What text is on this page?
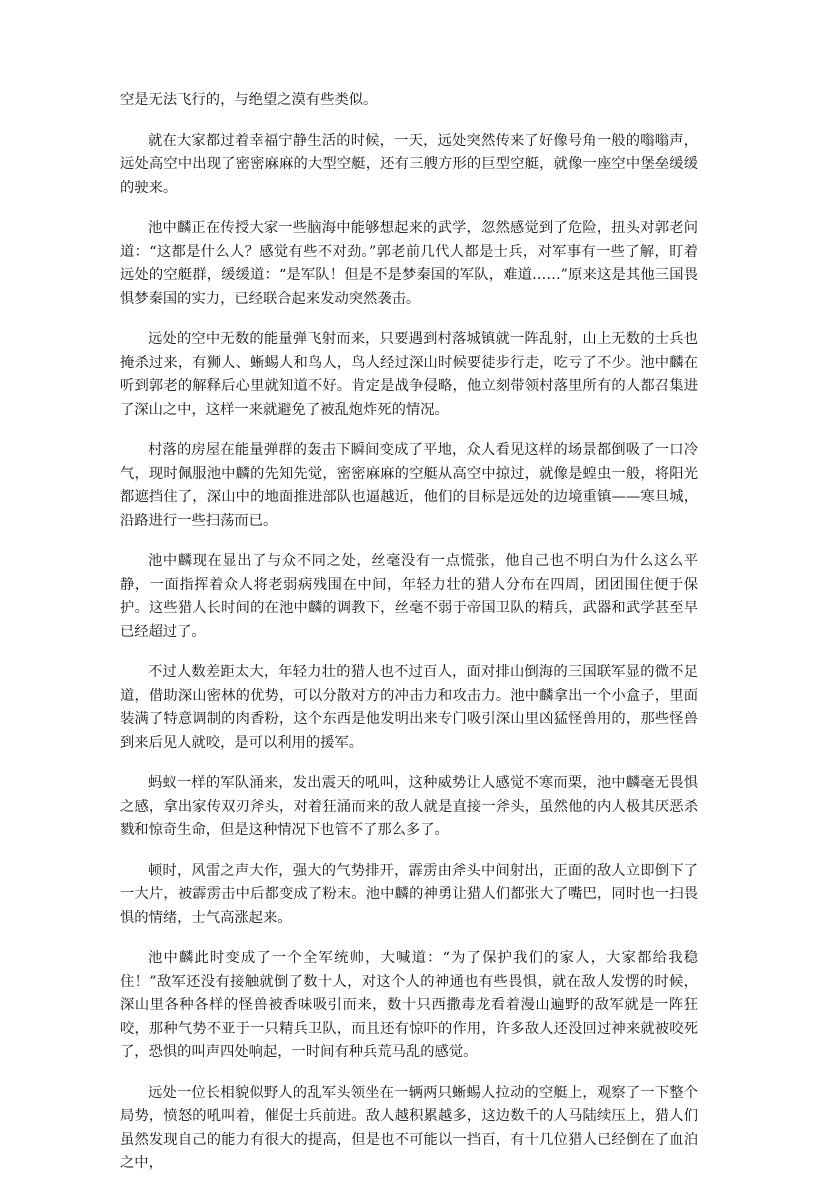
空是无法飞行的，与绝望之漠有些类似。

就在大家都过着幸福宁静生活的时候，一天，远处突然传来了好像号角一般的嗡嗡声，远处高空中出现了密密麻麻的大型空艇，还有三艘方形的巨型空艇，就像一座空中堡垒缓缓的驶来。

池中麟正在传授大家一些脑海中能够想起来的武学，忽然感觉到了危险，扭头对郭老问道：“这都是什么人？感觉有些不对劲。”郭老前几代人都是士兵，对军事有一些了解，盯着远处的空艇群，缓缓道：“是军队！但是不是梦秦国的军队，难道……”原来这是其他三国畏惧梦秦国的实力，已经联合起来发动突然袭击。

远处的空中无数的能量弹飞射而来，只要遇到村落城镇就一阵乱射，山上无数的士兵也掩杀过来，有狮人、蜥蜴人和鸟人，鸟人经过深山时候要徒步行走，吃亏了不少。池中麟在听到郭老的解释后心里就知道不好。肯定是战争侵略，他立刻带领村落里所有的人都召集进了深山之中，这样一来就避免了被乱炮炸死的情况。

村落的房屋在能量弹群的轰击下瞬间变成了平地，众人看见这样的场景都倒吸了一口冷气，现时佩服池中麟的先知先觉，密密麻麻的空艇从高空中掠过，就像是蝗虫一般，将阳光都遮挡住了，深山中的地面推进部队也逼越近，他们的目标是远处的边境重镇——寒旦城，沿路进行一些扫荡而已。

池中麟现在显出了与众不同之处，丝毫没有一点慌张，他自己也不明白为什么这么平静，一面指挥着众人将老弱病残围在中间，年轻力壮的猎人分布在四周，团团围住便于保护。这些猎人长时间的在池中麟的调教下，丝毫不弱于帝国卫队的精兵，武器和武学甚至早已经超过了。

不过人数差距太大，年轻力壮的猎人也不过百人，面对排山倒海的三国联军显的微不足道，借助深山密林的优势，可以分散对方的冲击力和攻击力。池中麟拿出一个小盒子，里面装满了特意调制的肉香粉，这个东西是他发明出来专门吸引深山里凶猛怪兽用的，那些怪兽到来后见人就咬，是可以利用的援军。

蚂蚁一样的军队涌来，发出震天的吼叫，这种威势让人感觉不寒而栗，池中麟毫无畏惧之感，拿出家传双刃斧头，对着狂涌而来的敌人就是直接一斧头，虽然他的内人极其厌恶杀戮和惊奇生命，但是这种情况下也管不了那么多了。

顿时，风雷之声大作，强大的气势排开，霹雳由斧头中间射出，正面的敌人立即倒下了一大片，被霹雳击中后都变成了粉末。池中麟的神勇让猎人们都张大了嘴巴，同时也一扫畏惧的情绪，士气高涨起来。

池中麟此时变成了一个全军统帅，大喊道：“为了保护我们的家人，大家都给我稳住！”敌军还没有接触就倒了数十人，对这个人的神通也有些畏惧，就在敌人发愣的时候，深山里各种各样的怪兽被香味吸引而来，数十只西撒毒龙看着漫山遍野的敌军就是一阵狂咬，那种气势不亚于一只精兵卫队，而且还有惊吓的作用，许多敌人还没回过神来就被咬死了，恐惧的叫声四处响起，一时间有种兵荒马乱的感觉。

远处一位长相貌似野人的乱军头领坐在一辆两只蜥蜴人拉动的空艇上，观察了一下整个局势，愤怒的吼叫着，催促士兵前进。敌人越积累越多，这边数千的人马陆续压上，猎人们虽然发现自己的能力有很大的提高，但是也不可能以一挡百，有十几位猎人已经倒在了血泊之中，
